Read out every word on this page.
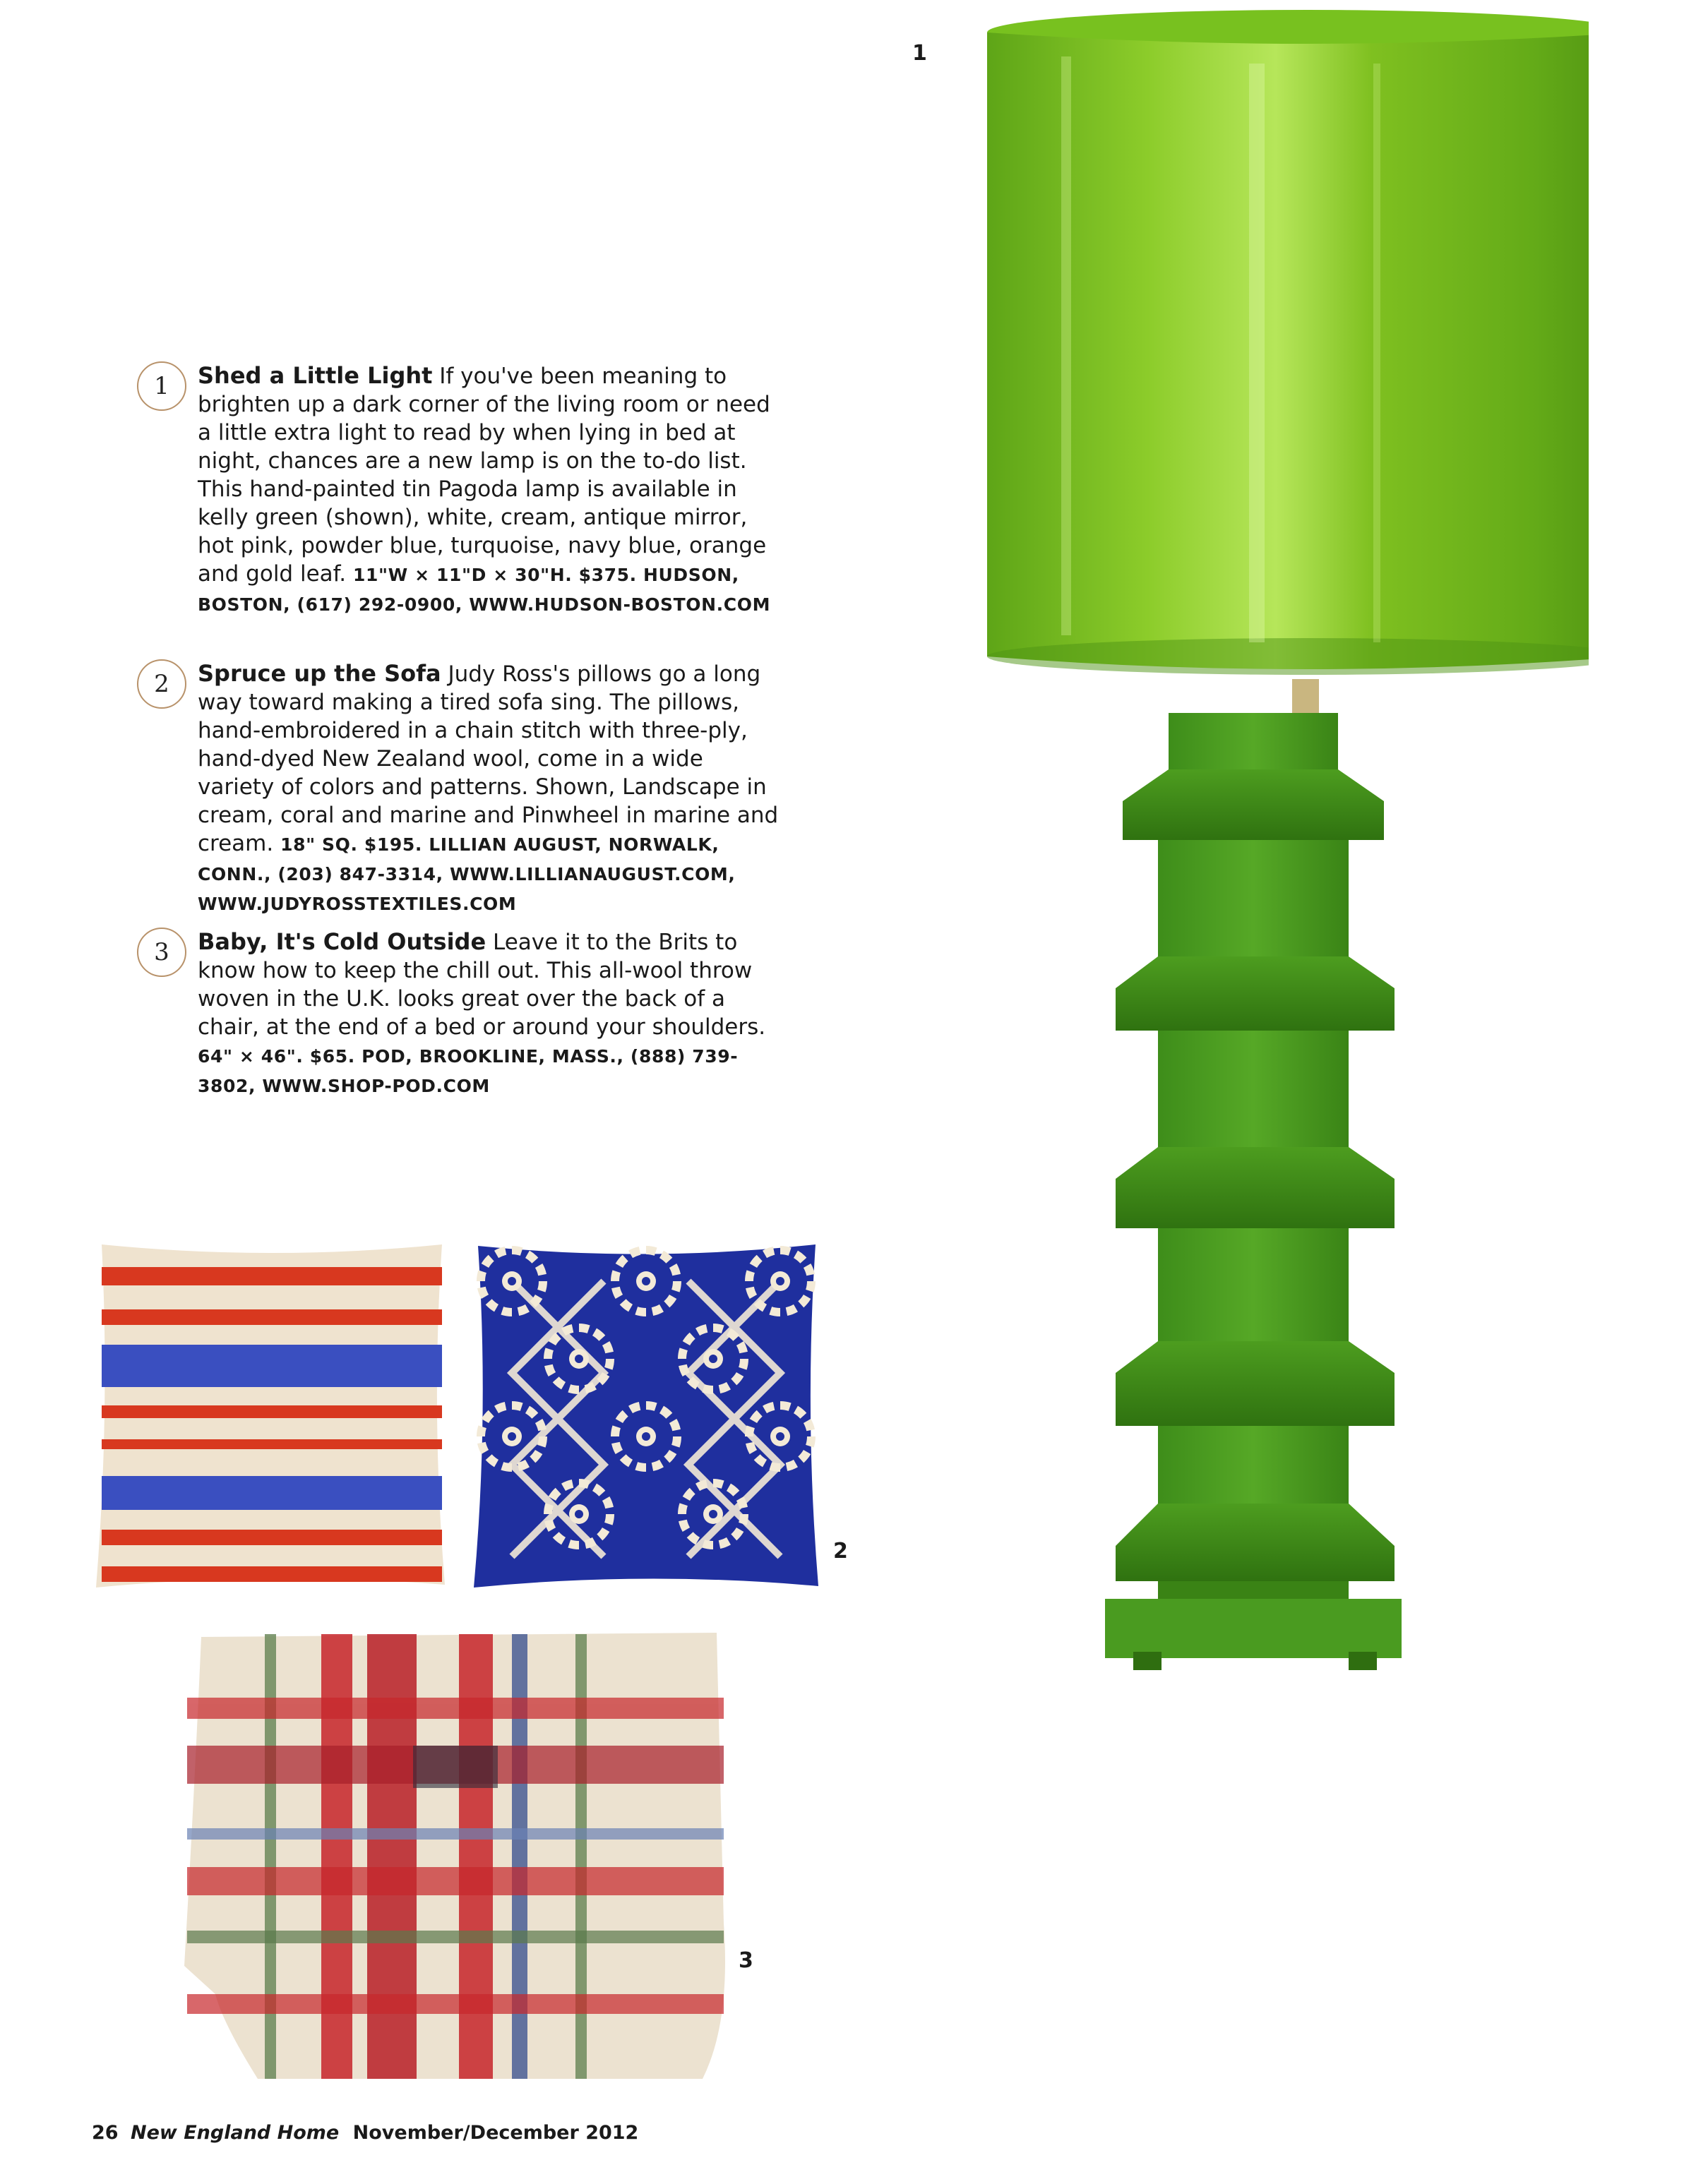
1 Shed a Little Light If you've been meaning to brighten up a dark corner of the living room or need a little extra light to read by when lying in bed at night, chances are a new lamp is on the to-do list. This hand-painted tin Pagoda lamp is available in kelly green (shown), white, cream, antique mirror, hot pink, powder blue, turquoise, navy blue, orange and gold leaf. 11"W × 11"D × 30"H. $375. HUDSON, BOSTON, (617) 292-0900, WWW.HUDSON-BOSTON.COM
2 Spruce up the Sofa Judy Ross's pillows go a long way toward making a tired sofa sing. The pillows, hand-embroidered in a chain stitch with three-ply, hand-dyed New Zealand wool, come in a wide variety of colors and patterns. Shown, Landscape in cream, coral and marine and Pinwheel in marine and cream. 18" SQ. $195. LILLIAN AUGUST, NORWALK, CONN., (203) 847-3314, WWW.LILLIANAUGUST.COM, WWW.JUDYROSSTEXTILES.COM
3 Baby, It's Cold Outside Leave it to the Brits to know how to keep the chill out. This all-wool throw woven in the U.K. looks great over the back of a chair, at the end of a bed or around your shoulders. 64" × 46". $65. POD, BROOKLINE, MASS., (888) 739-3802, WWW.SHOP-POD.COM
1
2
3
26 New England Home November/December 2012
